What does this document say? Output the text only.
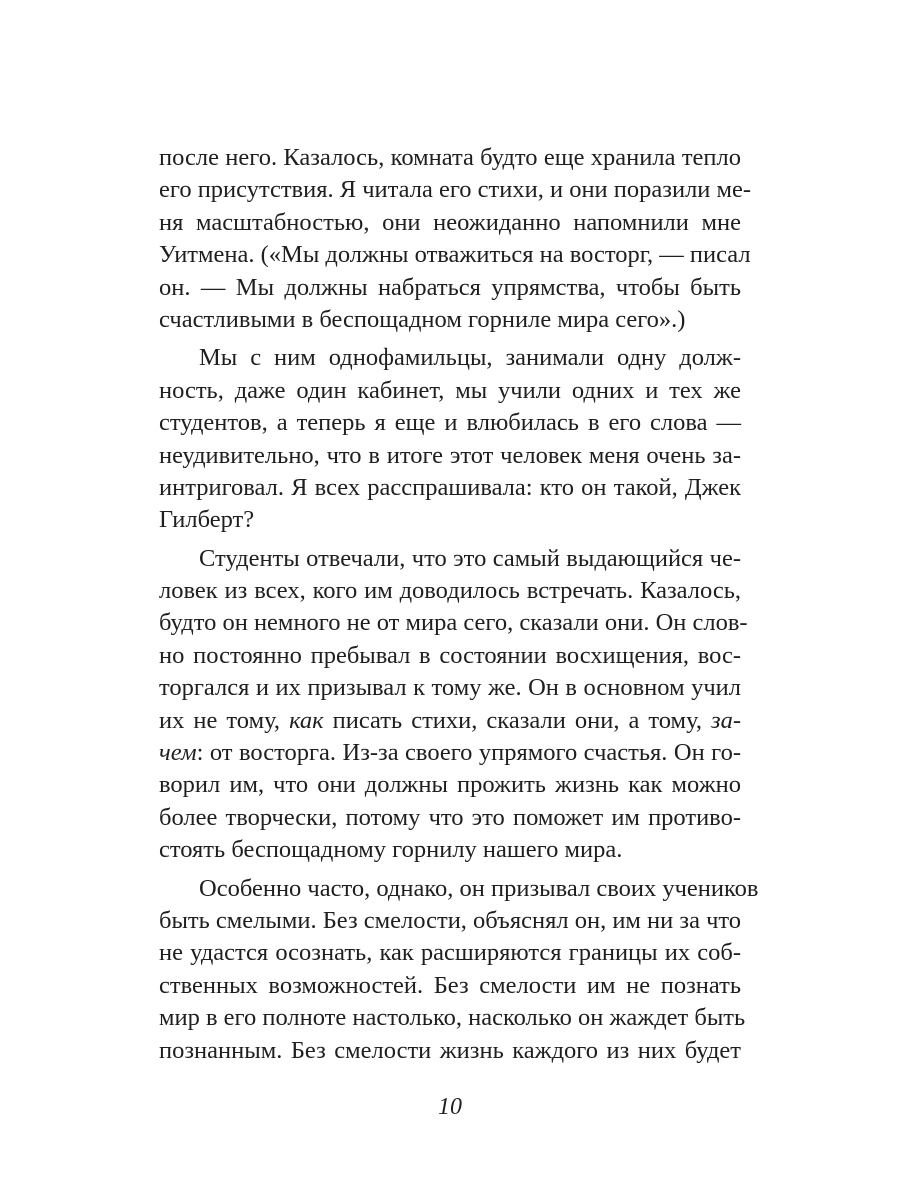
после него. Казалось, комната будто еще хранила тепло
его присутствия. Я читала его стихи, и они поразили ме-
ня масштабностью, они неожиданно напомнили мне
Уитмена. («Мы должны отважиться на восторг, — писал
он. — Мы должны набраться упрямства, чтобы быть
счастливыми в беспощадном горниле мира сего».)
Мы с ним однофамильцы, занимали одну долж-
ность, даже один кабинет, мы учили одних и тех же
студентов, а теперь я еще и влюбилась в его слова —
неудивительно, что в итоге этот человек меня очень за-
интриговал. Я всех расспрашивала: кто он такой, Джек
Гилберт?
Студенты отвечали, что это самый выдающийся че-
ловек из всех, кого им доводилось встречать. Казалось,
будто он немного не от мира сего, сказали они. Он слов-
но постоянно пребывал в состоянии восхищения, вос-
торгался и их призывал к тому же. Он в основном учил
их не тому, как писать стихи, сказали они, а тому, за-
чем: от восторга. Из-за своего упрямого счастья. Он го-
ворил им, что они должны прожить жизнь как можно
более творчески, потому что это поможет им противо-
стоять беспощадному горнилу нашего мира.
Особенно часто, однако, он призывал своих учеников
быть смелыми. Без смелости, объяснял он, им ни за что
не удастся осознать, как расширяются границы их соб-
ственных возможностей. Без смелости им не познать
мир в его полноте настолько, насколько он жаждет быть
познанным. Без смелости жизнь каждого из них будет
10
